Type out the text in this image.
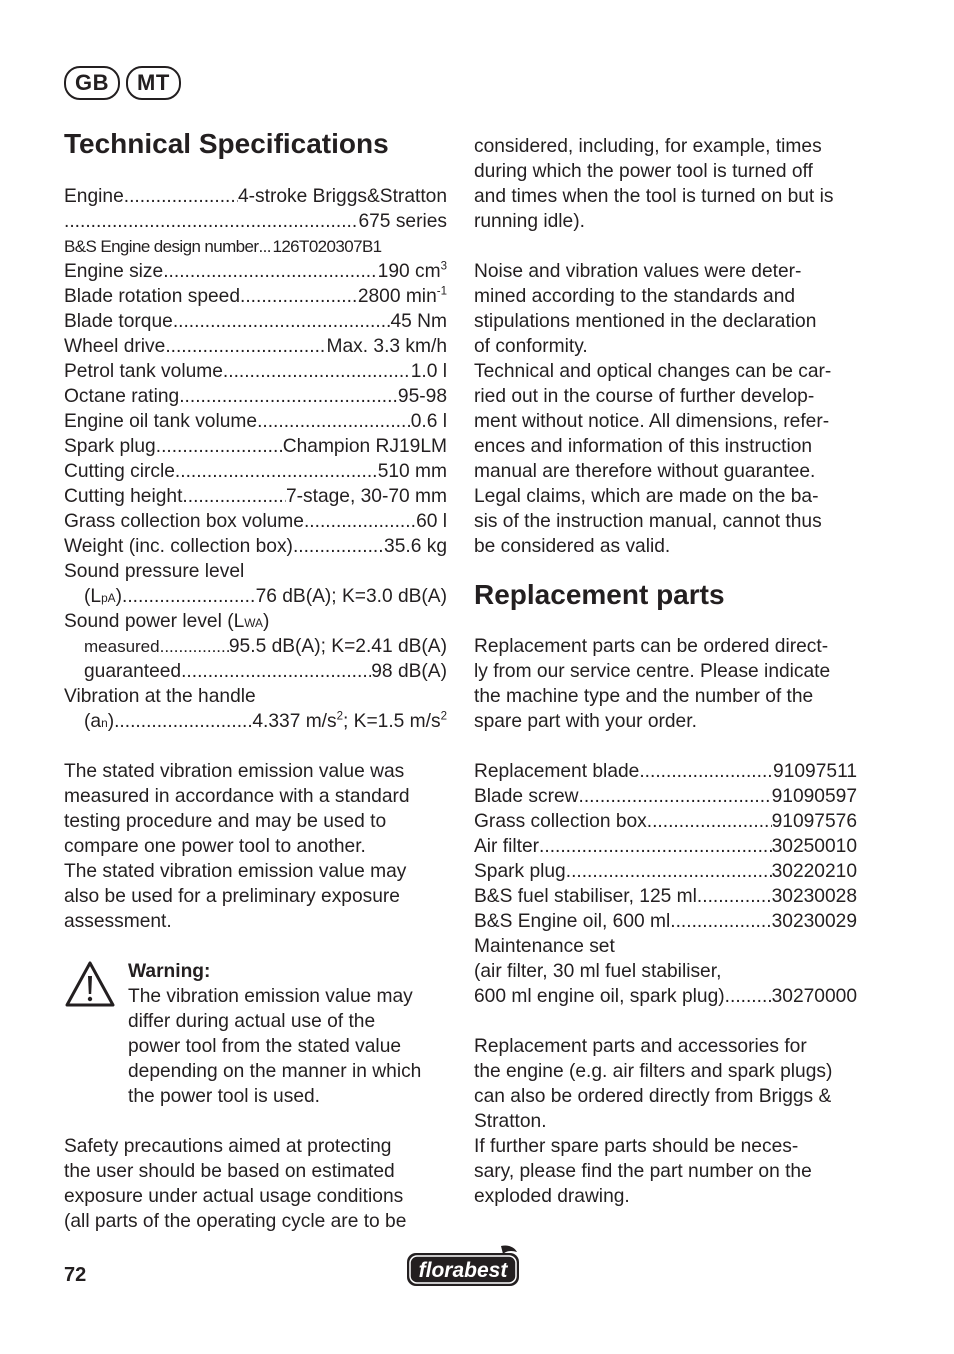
GB	MT
Technical Specifications
Engine .....	4-stroke Briggs&Stratton
.....
675 series
B&S Engine design number ..... 126T020307B1
Engine size .....	190 $cm^3$
Blade rotation speed .....	2800 $\min^{-1}$
Blade torque .....	45 Nm
Wheel drive .....	Max. 3.3 km/h
Petrol tank volume .....	1.0 l
Octane rating .....	95-98
Engine oil tank volume .....	0.6 l
Spark plug .....	Champion RJ19LM
Cutting circle .....	510 mm
Cutting height .....	7-stage, 30-70 mm
Grass collection box volume .....	60 l
Weight (inc. collection box) .....	35.6 kg
Sound pressure level
(LpA) .....	76 dB(A); K=3.0 dB(A)
Sound power level (LWA)
measured .....	95.5 dB(A); K=2.41 dB(A)
guaranteed .....	98 dB(A)
Vibration at the handle
(an) .....	4.337 $m/s^2$; K=1.5 $m/s^2$
The stated vibration emission value was
measured in accordance with a standard
testing procedure and may be used to
compare one power tool to another.
The stated vibration emission value may
also be used for a preliminary exposure
assessment.
Warning:
The vibration emission value may
differ during actual use of the
power tool from the stated value
depending on the manner in which
the power tool is used.
Safety precautions aimed at protecting
the user should be based on estimated
exposure under actual usage conditions
(all parts of the operating cycle are to be
considered, including, for example, times
during which the power tool is turned off
and times when the tool is turned on but is
running idle).
Noise and vibration values were deter-
mined according to the standards and
stipulations mentioned in the declaration
of conformity.
Technical and optical changes can be car-
ried out in the course of further develop-
ment without notice. All dimensions, refer-
ences and information of this instruction
manual are therefore without guarantee.
Legal claims, which are made on the ba-
sis of the instruction manual, cannot thus
be considered as valid.
Replacement parts
Replacement parts can be ordered direct-
ly from our service centre. Please indicate
the machine type and the number of the
spare part with your order.
Replacement blade .....	91097511
Blade screw .....	91090597
Grass collection box .....	91097576
Air filter .....	30250010
Spark plug .....	30220210
B&S fuel stabiliser, 125 ml. .....	30230028
B&S Engine oil, 600 ml .....	30230029
Maintenance set
(air filter, 30 ml fuel stabiliser,
600 ml engine oil, spark plug) ..... 30270000
Replacement parts and accessories for
the engine (e.g. air filters and spark plugs)
can also be ordered directly from Briggs &
Stratton.
If further spare parts should be neces-
sary, please find the part number on the
exploded drawing.
72	florabest
